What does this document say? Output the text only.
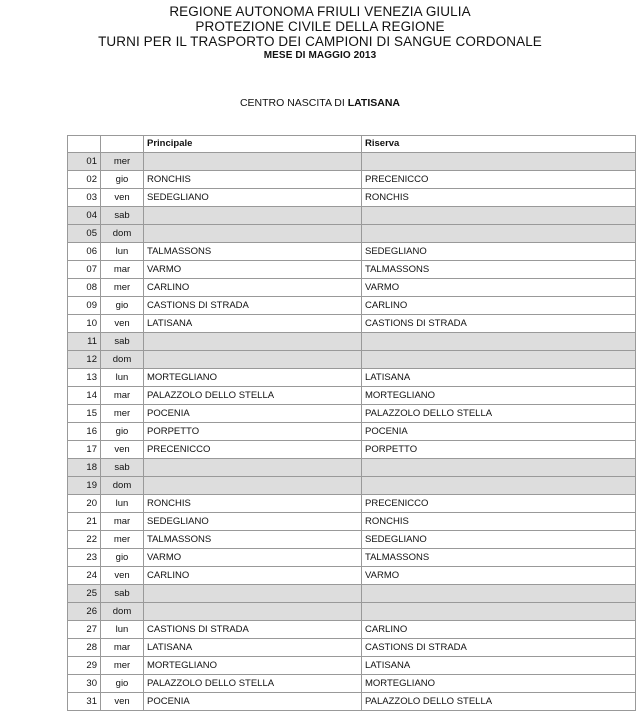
REGIONE AUTONOMA FRIULI VENEZIA GIULIA
PROTEZIONE CIVILE DELLA REGIONE
TURNI PER IL TRASPORTO DEI CAMPIONI DI SANGUE CORDONALE
MESE DI MAGGIO 2013
CENTRO NASCITA DI LATISANA
		Principale	Riserva
01	mer		
02	gio	RONCHIS	PRECENICCO
03	ven	SEDEGLIANO	RONCHIS
04	sab		
05	dom		
06	lun	TALMASSONS	SEDEGLIANO
07	mar	VARMO	TALMASSONS
08	mer	CARLINO	VARMO
09	gio	CASTIONS DI STRADA	CARLINO
10	ven	LATISANA	CASTIONS DI STRADA
11	sab		
12	dom		
13	lun	MORTEGLIANO	LATISANA
14	mar	PALAZZOLO DELLO STELLA	MORTEGLIANO
15	mer	POCENIA	PALAZZOLO DELLO STELLA
16	gio	PORPETTO	POCENIA
17	ven	PRECENICCO	PORPETTO
18	sab		
19	dom		
20	lun	RONCHIS	PRECENICCO
21	mar	SEDEGLIANO	RONCHIS
22	mer	TALMASSONS	SEDEGLIANO
23	gio	VARMO	TALMASSONS
24	ven	CARLINO	VARMO
25	sab		
26	dom		
27	lun	CASTIONS DI STRADA	CARLINO
28	mar	LATISANA	CASTIONS DI STRADA
29	mer	MORTEGLIANO	LATISANA
30	gio	PALAZZOLO DELLO STELLA	MORTEGLIANO
31	ven	POCENIA	PALAZZOLO DELLO STELLA
